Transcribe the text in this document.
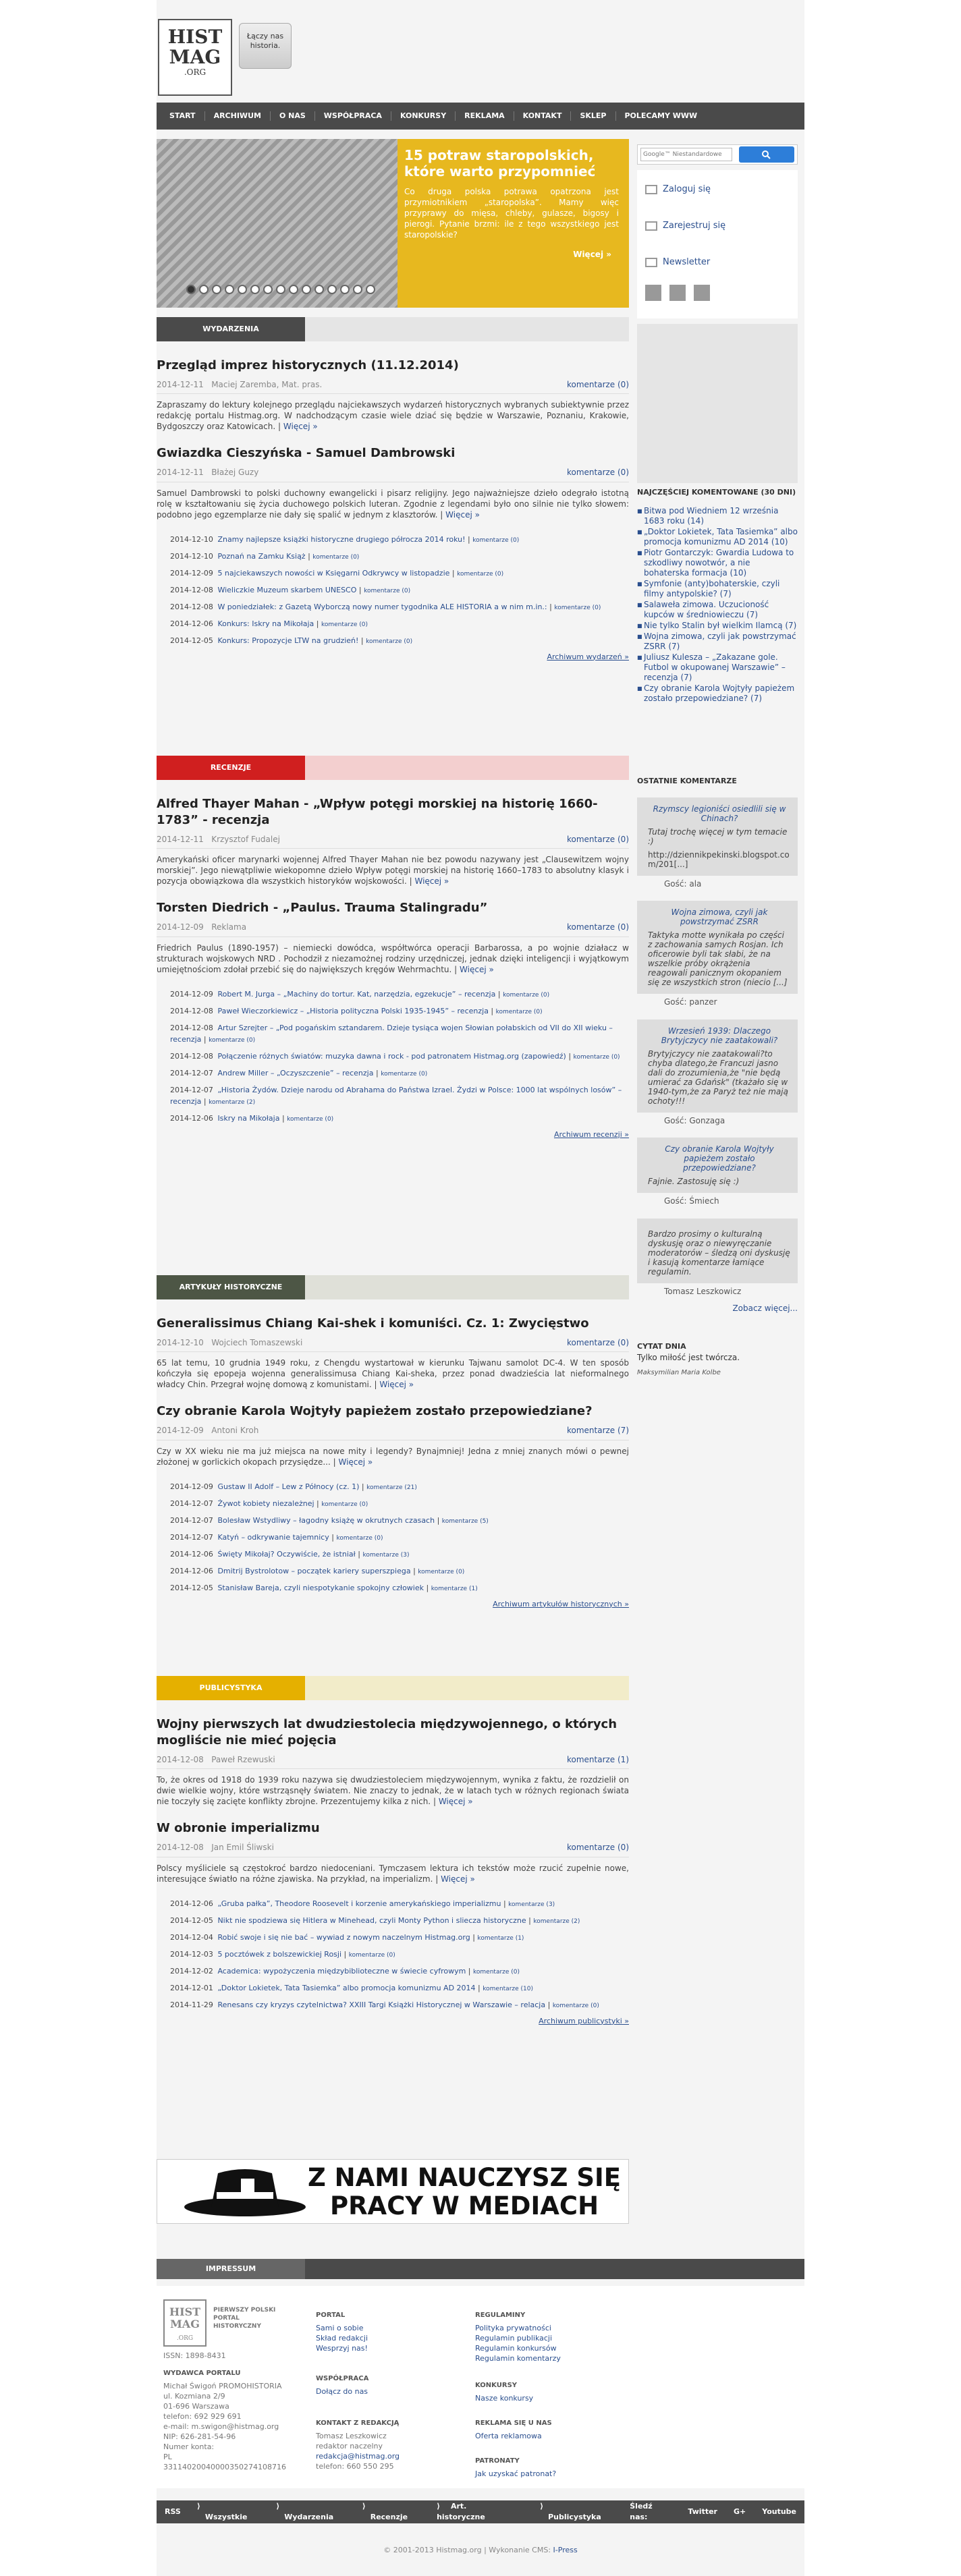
HIST
MAG
.ORG
Łączy nas historia.
START	ARCHIWUM	O NAS	WSPÓŁPRACA	KONKURSY	REKLAMA	KONTAKT	SKLEP	POLECAMY WWW
15 potraw staropolskich, które warto przypomnieć

Co druga polska potrawa opatrzona jest przymiotnikiem „staropolska”. Mamy więc przyprawy do mięsa, chleby, gulasze, bigosy i pierogi. Pytanie brzmi: ile z tego wszystkiego jest staropolskie?

Więcej »
Google™ Niestandardowe
Zaloguj się
Zarejestruj się
Newsletter
NAJCZĘŚCIEJ KOMENTOWANE (30 DNI)
■ Bitwa pod Wiedniem 12 września 1683 roku (14)
■ „Doktor Lokietek, Tata Tasiemka” albo promocja komunizmu AD 2014 (10)
■ Piotr Gontarczyk: Gwardia Ludowa to szkodliwy nowotwór, a nie bohaterska formacja (10)
■ Symfonie (anty)bohaterskie, czyli filmy antypolskie? (7)
■ Salaweła zimowa. Uczucioność kupców w średniowieczu (7)
■ Nie tylko Stalin był wielkim Ilamcą (7)
■ Wojna zimowa, czyli jak powstrzymać ZSRR (7)
■ Juliusz Kulesza – „Zakazane gole. Futbol w okupowanej Warszawie” – recenzja (7)
■ Czy obranie Karola Wojtyły papieżem zostało przepowiedziane? (7)
OSTATNIE KOMENTARZE
Rzymscy legioniści osiedlili się w Chinach?
Tutaj trochę więcej w tym temacie :)
http://dziennikpekinski.blogspot.co m/201[...]
Gość: ala
Wojna zimowa, czyli jak powstrzymać ZSRR
Taktyka motte wynikała po części z zachowania samych Rosjan. Ich oficerowie byli tak słabi, że na wszelkie próby okrążenia reagowali panicznym okopaniem się ze wszystkich stron (niecio [...]
Gość: panzer
Wrzesień 1939: Dlaczego Brytyjczycy nie zaatakowali?
Brytyjczycy nie zaatakowali?to chyba dlatego,że Francuzi jasno dali do zrozumienia,że "nie będą umierać za Gdańsk" (tkażało się w 1940-tym,że za Paryż też nie mają ochoty!!!
Gość: Gonzaga
Czy obranie Karola Wojtyły papieżem zostało przepowiedziane?
Fajnie. Zastosuję się :)
Gość: Śmiech
Bardzo prosimy o kulturalną dyskusję oraz o niewyręczanie moderatorów – śledzą oni dyskusję i kasują komentarze łamiące regulamin.
Tomasz Leszkowicz
Zobacz więcej...
CYTAT DNIA
Tylko miłość jest twórcza.
Maksymilian Maria Kolbe
WYDARZENIA
Przegląd imprez historycznych (11.12.2014)
2014-12-11 Maciej Zaremba, Mat. pras.	komentarze (0)

Zapraszamy do lektury kolejnego przeglądu najciekawszych wydarzeń historycznych wybranych subiektywnie przez redakcję portalu Histmag.org. W nadchodzącym czasie wiele dziać się będzie w Warszawie, Poznaniu, Krakowie, Bydgoszczy oraz Katowicach. | Więcej »

Gwiazdka Cieszyńska - Samuel Dambrowski
2014-12-11 Błażej Guzy	komentarze (0)

Samuel Dambrowski to polski duchowny ewangelicki i pisarz religijny. Jego najważniejsze dzieło odegrało istotną rolę w kształtowaniu się życia duchowego polskich luteran. Zgodnie z legendami było ono silnie nie tylko słowem: podobno jego egzemplarze nie dały się spalić w jednym z klasztorów. | Więcej »

2014-12-10 Znamy najlepsze książki historyczne drugiego półrocza 2014 roku! | komentarze (0)
2014-12-10 Poznań na Zamku Książ | komentarze (0)
2014-12-09 5 najciekawszych nowości w Księgarni Odkrywcy w listopadzie | komentarze (0)
2014-12-08 Wieliczkie Muzeum skarbem UNESCO | komentarze (0)
2014-12-08 W poniedziałek: z Gazetą Wyborczą nowy numer tygodnika ALE HISTORIA a w nim m.in.: | komentarze (0)
2014-12-06 Konkurs: Iskry na Mikołaja | komentarze (0)
2014-12-05 Konkurs: Propozycje LTW na grudzień! | komentarze (0)
Archiwum wydarzeń »
RECENZJE
Alfred Thayer Mahan - „Wpływ potęgi morskiej na historię 1660-1783” - recenzja
2014-12-11 Krzysztof Fudalej	komentarze (0)

Amerykański oficer marynarki wojennej Alfred Thayer Mahan nie bez powodu nazywany jest „Clausewitzem wojny morskiej”. Jego niewątpliwie wiekopomne dzieło Wpływ potęgi morskiej na historię 1660–1783 to absolutny klasyk i pozycja obowiązkowa dla wszystkich historyków wojskowości. | Więcej »

Torsten Diedrich - „Paulus. Trauma Stalingradu”
2014-12-09 Reklama	komentarze (0)

Friedrich Paulus (1890-1957) – niemiecki dowódca, współtwórca operacji Barbarossa, a po wojnie działacz w strukturach wojskowych NRD . Pochodził z niezamożnej rodziny urzędniczej, jednak dzięki inteligencji i wyjątkowym umiejętnościom zdołał przebić się do największych kręgów Wehrmachtu. | Więcej »

2014-12-09 Robert M. Jurga – „Machiny do tortur. Kat, narzędzia, egzekucje” – recenzja | komentarze (0)
2014-12-08 Paweł Wieczorkiewicz – „Historia polityczna Polski 1935-1945” – recenzja | komentarze (0)
2014-12-08 Artur Szrejter – „Pod pogańskim sztandarem. Dzieje tysiąca wojen Słowian połabskich od VII do XII wieku – recenzja | komentarze (0)
2014-12-08 Połączenie różnych światów: muzyka dawna i rock - pod patronatem Histmag.org (zapowiedź) | komentarze (0)
2014-12-07 Andrew Miller – „Oczyszczenie” – recenzja | komentarze (0)
2014-12-07 „Historia Żydów. Dzieje narodu od Abrahama do Państwa Izrael. Żydzi w Polsce: 1000 lat wspólnych losów” – recenzja | komentarze (2)
2014-12-06 Iskry na Mikołaja | komentarze (0)
Archiwum recenzji »
ARTYKUŁY HISTORYCZNE
Generalissimus Chiang Kai-shek i komuniści. Cz. 1: Zwycięstwo
2014-12-10 Wojciech Tomaszewski	komentarze (0)

65 lat temu, 10 grudnia 1949 roku, z Chengdu wystartował w kierunku Tajwanu samolot DC-4. W ten sposób kończyła się epopeja wojenna generalissimusa Chiang Kai-sheka, przez ponad dwadzieścia lat nieformalnego władcy Chin. Przegrał wojnę domową z komunistami. | Więcej »

Czy obranie Karola Wojtyły papieżem zostało przepowiedziane?
2014-12-09 Antoni Kroh	komentarze (7)

Czy w XX wieku nie ma już miejsca na nowe mity i legendy? Bynajmniej! Jedna z mniej znanych mówi o pewnej złożonej w gorlickich okopach przysiędze... | Więcej »

2014-12-09 Gustaw II Adolf – Lew z Północy (cz. 1) | komentarze (21)
2014-12-07 Żywot kobiety niezależnej | komentarze (0)
2014-12-07 Bolesław Wstydliwy – łagodny książę w okrutnych czasach | komentarze (5)
2014-12-07 Katyń – odkrywanie tajemnicy | komentarze (0)
2014-12-06 Święty Mikołaj? Oczywiście, że istniał | komentarze (3)
2014-12-06 Dmitrij Bystrolotow – początek kariery superszpiega | komentarze (0)
2014-12-05 Stanisław Bareja, czyli niespotykanie spokojny człowiek | komentarze (1)
Archiwum artykułów historycznych »
PUBLICYSTYKA
Wojny pierwszych lat dwudziestolecia międzywojennego, o których mogliście nie mieć pojęcia
2014-12-08 Paweł Rzewuski	komentarze (1)

To, że okres od 1918 do 1939 roku nazywa się dwudziestoleciem międzywojennym, wynika z faktu, że rozdzielił on dwie wielkie wojny, które wstrząsnęły światem. Nie znaczy to jednak, że w latach tych w różnych regionach świata nie toczyły się zacięte konflikty zbrojne. Przezentujemy kilka z nich. | Więcej »

W obronie imperializmu
2014-12-08 Jan Emil Śliwski	komentarze (0)

Polscy myśliciele są częstokroć bardzo niedoceniani. Tymczasem lektura ich tekstów może rzucić zupełnie nowe, interesujące światło na różne zjawiska. Na przykład, na imperializm. | Więcej »

2014-12-06 „Gruba pałka”, Theodore Roosevelt i korzenie amerykańskiego imperializmu | komentarze (3)
2014-12-05 Nikt nie spodziewa się Hitlera w Minehead, czyli Monty Python i sliecza historyczne | komentarze (2)
2014-12-04 Robić swoje i się nie bać – wywiad z nowym naczelnym Histmag.org | komentarze (1)
2014-12-03 5 pocztówek z bolszewickiej Rosji | komentarze (0)
2014-12-02 Academica: wypożyczenia międzybiblioteczne w świecie cyfrowym | komentarze (0)
2014-12-01 „Doktor Lokietek, Tata Tasiemka” albo promocja komunizmu AD 2014 | komentarze (10)
2014-11-29 Renesans czy kryzys czytelnictwa? XXIII Targi Książki Historycznej w Warszawie – relacja | komentarze (0)
Archiwum publicystyki »
Z NAMI NAUCZYSZ SIĘ
PRACY W MEDIACH
IMPRESSUM
HIST
MAG
.ORG
PIERWSZY POLSKI PORTAL HISTORYCZNY
ISSN: 1898-8431
WYDAWCA PORTALU
Michał Świgoń PROMOHISTORIA
ul. Kozmiana 2/9
01-696 Warszawa
telefon: 692 929 691
e-mail: m.swigon@histmag.org
NIP: 626-281-54-96
Numer konta:
PL 33114020040000350274108716
PORTAL
Sami o sobie
Skład redakcji
Wesprzyj nas!
WSPÓŁPRACA
Dołącz do nas
KONTAKT Z REDAKCJĄ
Tomasz Leszkowicz
redaktor naczelny
redakcja@histmag.org
telefon: 660 550 295
REGULAMINY
Polityka prywatności
Regulamin publikacji
Regulamin konkursów
Regulamin komentarzy
KONKURSY
Nasze konkursy
REKLAMA SIĘ U NAS
Oferta reklamowa
PATRONATY
Jak uzyskać patronat?
RSS
⟩ Wszystkie
⟩ Wydarzenia
⟩ Recenzje
⟩ Art. historyczne
⟩ Publicystyka
Śledź nas:
Twitter	G+	Youtube
© 2001-2013 Histmag.org | Wykonanie CMS: I-Press
